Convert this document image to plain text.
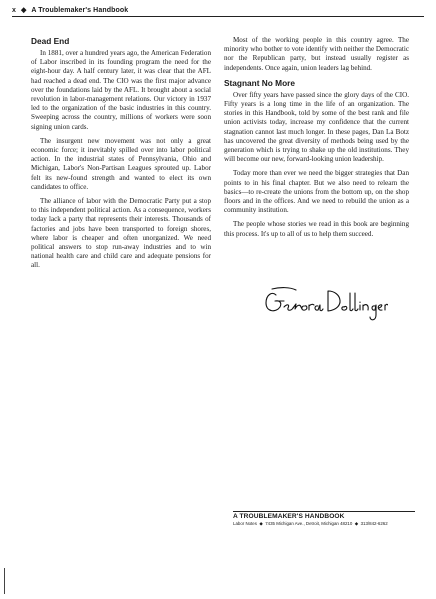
x ◆ A Troublemaker's Handbook
Dead End

In 1881, over a hundred years ago, the American Federation of Labor inscribed in its founding program the need for the eight-hour day. A half century later, it was clear that the AFL had reached a dead end. The CIO was the first major advance over the foundations laid by the AFL. It brought about a social revolution in labor-management relations. Our victory in 1937 led to the organization of the basic industries in this country. Sweeping across the country, millions of workers were soon signing union cards.

The insurgent new movement was not only a great economic force; it inevitably spilled over into labor political action. In the industrial states of Pennsylvania, Ohio and Michigan, Labor's Non-Partisan Leagues sprouted up. Labor felt its new-found strength and wanted to elect its own candidates to office.

The alliance of labor with the Democratic Party put a stop to this independent political action. As a consequence, workers today lack a party that represents their interests. Thousands of factories and jobs have been transported to foreign shores, where labor is cheaper and often unorganized. We need political answers to stop run-away industries and to win national health care and child care and adequate pensions for all.

Most of the working people in this country agree. The minority who bother to vote identify with neither the Democratic nor the Republican party, but instead usually register as independents. Once again, union leaders lag behind.

Stagnant No More

Over fifty years have passed since the glory days of the CIO. Fifty years is a long time in the life of an organization. The stories in this Handbook, told by some of the best rank and file union activists today, increase my confidence that the current stagnation cannot last much longer. In these pages, Dan La Botz has uncovered the great diversity of methods being used by the generation which is trying to shake up the old institutions. They will become our new, forward-looking union leadership.

Today more than ever we need the bigger strategies that Dan points to in his final chapter. But we also need to relearn the basics—to re-create the unions from the bottom up, on the shop floors and in the offices. And we need to rebuild the union as a community institution.

The people whose stories we read in this book are beginning this process. It's up to all of us to help them succeed.

A TROUBLEMAKER'S HANDBOOK
Labor Notes ◆ 7435 Michigan Ave., Detroit, Michigan 48210 ◆ 313/842-6262
